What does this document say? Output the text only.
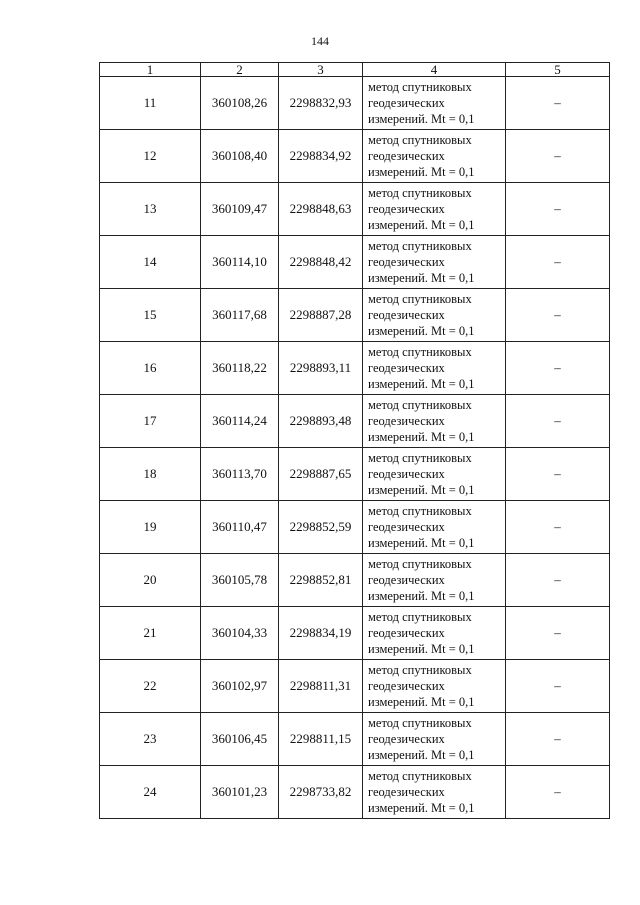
144
1	2	3	4	5
11	360108,26	2298832,93	метод спутниковых
геодезических
измерений. Mt = 0,1	–
12	360108,40	2298834,92	метод спутниковых
геодезических
измерений. Mt = 0,1	–
13	360109,47	2298848,63	метод спутниковых
геодезических
измерений. Mt = 0,1	–
14	360114,10	2298848,42	метод спутниковых
геодезических
измерений. Mt = 0,1	–
15	360117,68	2298887,28	метод спутниковых
геодезических
измерений. Mt = 0,1	–
16	360118,22	2298893,11	метод спутниковых
геодезических
измерений. Mt = 0,1	–
17	360114,24	2298893,48	метод спутниковых
геодезических
измерений. Mt = 0,1	–
18	360113,70	2298887,65	метод спутниковых
геодезических
измерений. Mt = 0,1	–
19	360110,47	2298852,59	метод спутниковых
геодезических
измерений. Mt = 0,1	–
20	360105,78	2298852,81	метод спутниковых
геодезических
измерений. Mt = 0,1	–
21	360104,33	2298834,19	метод спутниковых
геодезических
измерений. Mt = 0,1	–
22	360102,97	2298811,31	метод спутниковых
геодезических
измерений. Mt = 0,1	–
23	360106,45	2298811,15	метод спутниковых
геодезических
измерений. Mt = 0,1	–
24	360101,23	2298733,82	метод спутниковых
геодезических
измерений. Mt = 0,1	–
